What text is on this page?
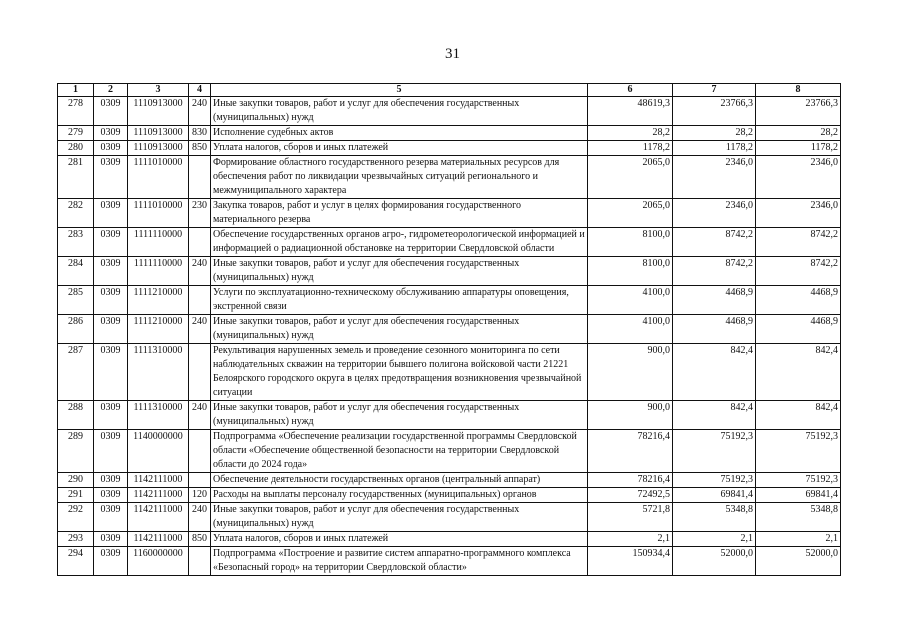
31
1	2	3	4	5	6	7	8
278	0309	1110913000	240	Иные закупки товаров, работ и услуг для обеспечения государственных (муниципальных) нужд	48619,3	23766,3	23766,3
279	0309	1110913000	830	Исполнение судебных актов	28,2	28,2	28,2
280	0309	1110913000	850	Уплата налогов, сборов и иных платежей	1178,2	1178,2	1178,2
281	0309	1111010000		Формирование областного государственного резерва материальных ресурсов для обеспечения работ по ликвидации чрезвычайных ситуаций регионального и межмуниципального характера	2065,0	2346,0	2346,0
282	0309	1111010000	230	Закупка товаров, работ и услуг в целях формирования государственного материального резерва	2065,0	2346,0	2346,0
283	0309	1111110000		Обеспечение государственных органов агро-, гидрометеорологической информацией и информацией о радиационной обстановке на территории Свердловской области	8100,0	8742,2	8742,2
284	0309	1111110000	240	Иные закупки товаров, работ и услуг для обеспечения государственных (муниципальных) нужд	8100,0	8742,2	8742,2
285	0309	1111210000		Услуги по эксплуатационно-техническому обслуживанию аппаратуры оповещения, экстренной связи	4100,0	4468,9	4468,9
286	0309	1111210000	240	Иные закупки товаров, работ и услуг для обеспечения государственных (муниципальных) нужд	4100,0	4468,9	4468,9
287	0309	1111310000		Рекультивация нарушенных земель и проведение сезонного мониторинга по сети наблюдательных скважин на территории бывшего полигона войсковой части 21221 Белоярского городского округа в целях предотвращения возникновения чрезвычайной ситуации	900,0	842,4	842,4
288	0309	1111310000	240	Иные закупки товаров, работ и услуг для обеспечения государственных (муниципальных) нужд	900,0	842,4	842,4
289	0309	1140000000		Подпрограмма «Обеспечение реализации государственной программы Свердловской области «Обеспечение общественной безопасности на территории Свердловской области до 2024 года»	78216,4	75192,3	75192,3
290	0309	1142111000		Обеспечение деятельности государственных органов (центральный аппарат)	78216,4	75192,3	75192,3
291	0309	1142111000	120	Расходы на выплаты персоналу государственных (муниципальных) органов	72492,5	69841,4	69841,4
292	0309	1142111000	240	Иные закупки товаров, работ и услуг для обеспечения государственных (муниципальных) нужд	5721,8	5348,8	5348,8
293	0309	1142111000	850	Уплата налогов, сборов и иных платежей	2,1	2,1	2,1
294	0309	1160000000		Подпрограмма «Построение и развитие систем аппаратно-программного комплекса «Безопасный город» на территории Свердловской области»	150934,4	52000,0	52000,0
